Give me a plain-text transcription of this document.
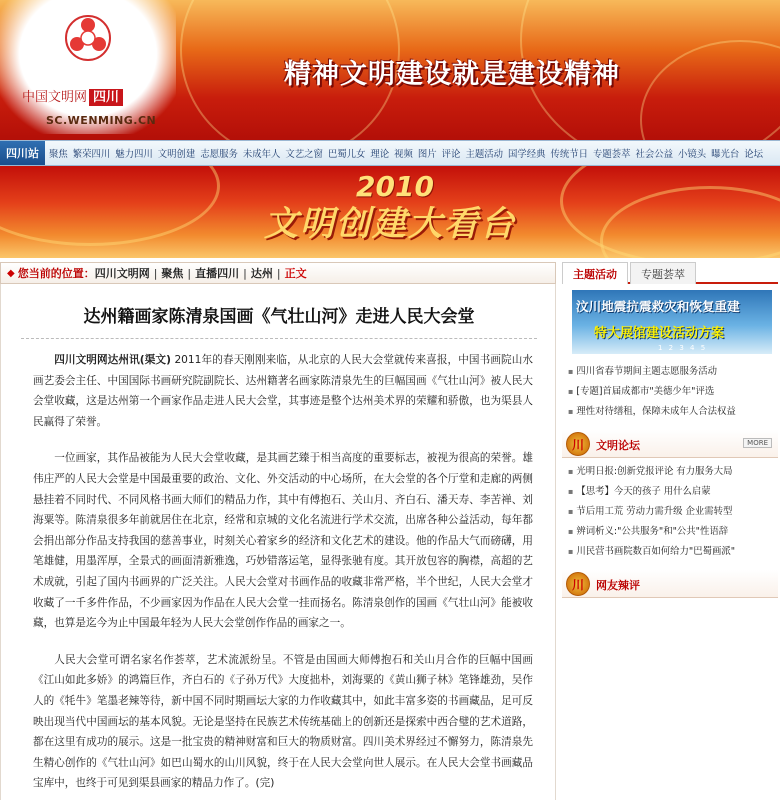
中国文明网 四川
SC.WENMING.CN
精神文明建设就是建设精神
四川站	聚焦 繁荣四川 魅力四川 文明创建 志愿服务 未成年人 文艺之窗 巴蜀儿女 理论 视频 图片 评论 主题活动 国学经典 传统节日 专题荟萃 社会公益 小镜头 曝光台 论坛
2010
文明创建大看台
◆ 您当前的位置： 四川文明网 | 聚焦 | 直播四川 | 达州 | 正文
达州籍画家陈清泉国画《气壮山河》走进人民大会堂

四川文明网达州讯(渠文) 2011年的春天刚刚来临，从北京的人民大会堂就传来喜报，中国书画院山水画艺委会主任、中国国际书画研究院副院长、达州籍著名画家陈清泉先生的巨幅国画《气壮山河》被人民大会堂收藏，这是达州第一个画家作品走进人民大会堂，其事迹是整个达州美术界的荣耀和骄傲，也为渠县人民赢得了荣誉。

一位画家，其作品被能为人民大会堂收藏，是其画艺臻于相当高度的重要标志，被视为很高的荣誉。雄伟庄严的人民大会堂是中国最重要的政治、文化、外交活动的中心场所，在大会堂的各个厅堂和走廊的两侧悬挂着不同时代、不同风格书画大师们的精品力作，其中有傅抱石、关山月、齐白石、潘天寿、李苦禅、刘海粟等。陈清泉很多年前就居住在北京，经常和京城的文化名流进行学术交流，出席各种公益活动，每年都会捐出部分作品支持我国的慈善事业，时刻关心着家乡的经济和文化艺术的建设。他的作品大气而磅礴，用笔雄健，用墨浑厚，全景式的画面清新雅逸，巧妙错落运笔，显得张驰有度。其开放包容的胸襟，高超的艺术成就，引起了国内书画界的广泛关注。人民大会堂对书画作品的收藏非常严格，半个世纪，人民大会堂才收藏了一千多件作品，不少画家因为作品在人民大会堂一挂而扬名。陈清泉创作的国画《气壮山河》能被收藏，也算是迄今为止中国最年轻为人民大会堂创作作品的画家之一。

人民大会堂可谓名家名作荟萃，艺术流派纷呈。不管是由国画大师傅抱石和关山月合作的巨幅中国画《江山如此多娇》的鸿篇巨作，齐白石的《子孙万代》大度拙朴，刘海粟的《黄山狮子林》笔锋雄劲，吴作人的《牦牛》笔墨老辣等待，新中国不同时期画坛大家的力作收藏其中，如此丰富多姿的书画藏品，足可反映出现当代中国画坛的基本风貌。无论是坚持在民族艺术传统基础上的创新还是探索中西合璧的艺术道路，都在这里有成功的展示。这是一批宝贵的精神财富和巨大的物质财富。四川美术界经过不懈努力，陈清泉先生精心创作的《气壮山河》如巴山蜀水的山川风貌，终于在人民大会堂向世人展示。在人民大会堂书画藏品宝库中，也终于可见到渠县画家的精品力作了。(完)

主题活动	专题荟萃
汶川地震抗震救灾和恢复重建
特大展馆建设活动方案
1 2 3 4 5
▪ 四川省春节期间主题志愿服务活动
▪ [专题]首届成都市"美德少年"评选
▪ 理性对待缮租，保障未成年人合法权益
川 文明论坛	MORE
▪ 光明日报:创新党报评论 有力服务大局
▪ 【思考】今天的孩子 用什么启蒙
▪ 节后用工荒 劳动力需升级 企业需转型
▪ 辨词析义:"公共服务"和"公共"性语辞
▪ 川民营书画院数百如何给力"巴蜀画派"
川 网友辣评
